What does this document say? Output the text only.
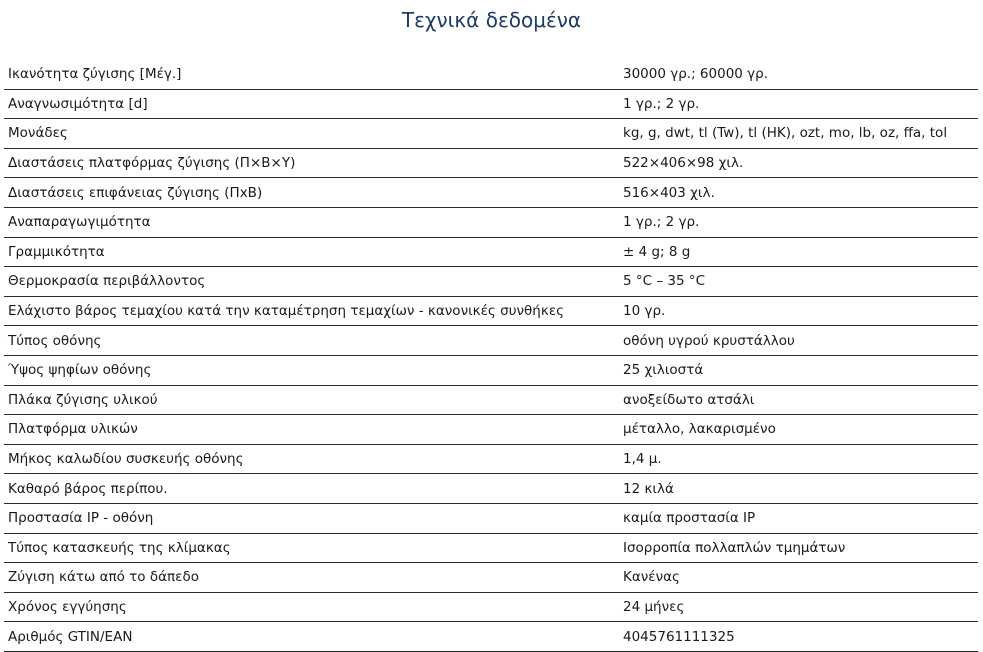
Τεχνικά δεδομένα
Ικανότητα ζύγισης [Μέγ.]	30000 γρ.; 60000 γρ.
Αναγνωσιμότητα [d]	1 γρ.; 2 γρ.
Μονάδες	kg, g, dwt, tl (Tw), tl (HK), ozt, mo, lb, oz, ffa, tol
Διαστάσεις πλατφόρμας ζύγισης (Π×Β×Υ)	522×406×98 χιλ.
Διαστάσεις επιφάνειας ζύγισης (ΠxΒ)	516×403 χιλ.
Αναπαραγωγιμότητα	1 γρ.; 2 γρ.
Γραμμικότητα	± 4 g; 8 g
Θερμοκρασία περιβάλλοντος	5 °C – 35 °C
Ελάχιστο βάρος τεμαχίου κατά την καταμέτρηση τεμαχίων - κανονικές συνθήκες	10 γρ.
Τύπος οθόνης	οθόνη υγρού κρυστάλλου
Ύψος ψηφίων οθόνης	25 χιλιοστά
Πλάκα ζύγισης υλικού	ανοξείδωτο ατσάλι
Πλατφόρμα υλικών	μέταλλο, λακαρισμένο
Μήκος καλωδίου συσκευής οθόνης	1,4 μ.
Καθαρό βάρος περίπου.	12 κιλά
Προστασία IP - οθόνη	καμία προστασία IP
Τύπος κατασκευής της κλίμακας	Ισορροπία πολλαπλών τμημάτων
Ζύγιση κάτω από το δάπεδο	Κανένας
Χρόνος εγγύησης	24 μήνες
Αριθμός GTIN/EAN	4045761111325
